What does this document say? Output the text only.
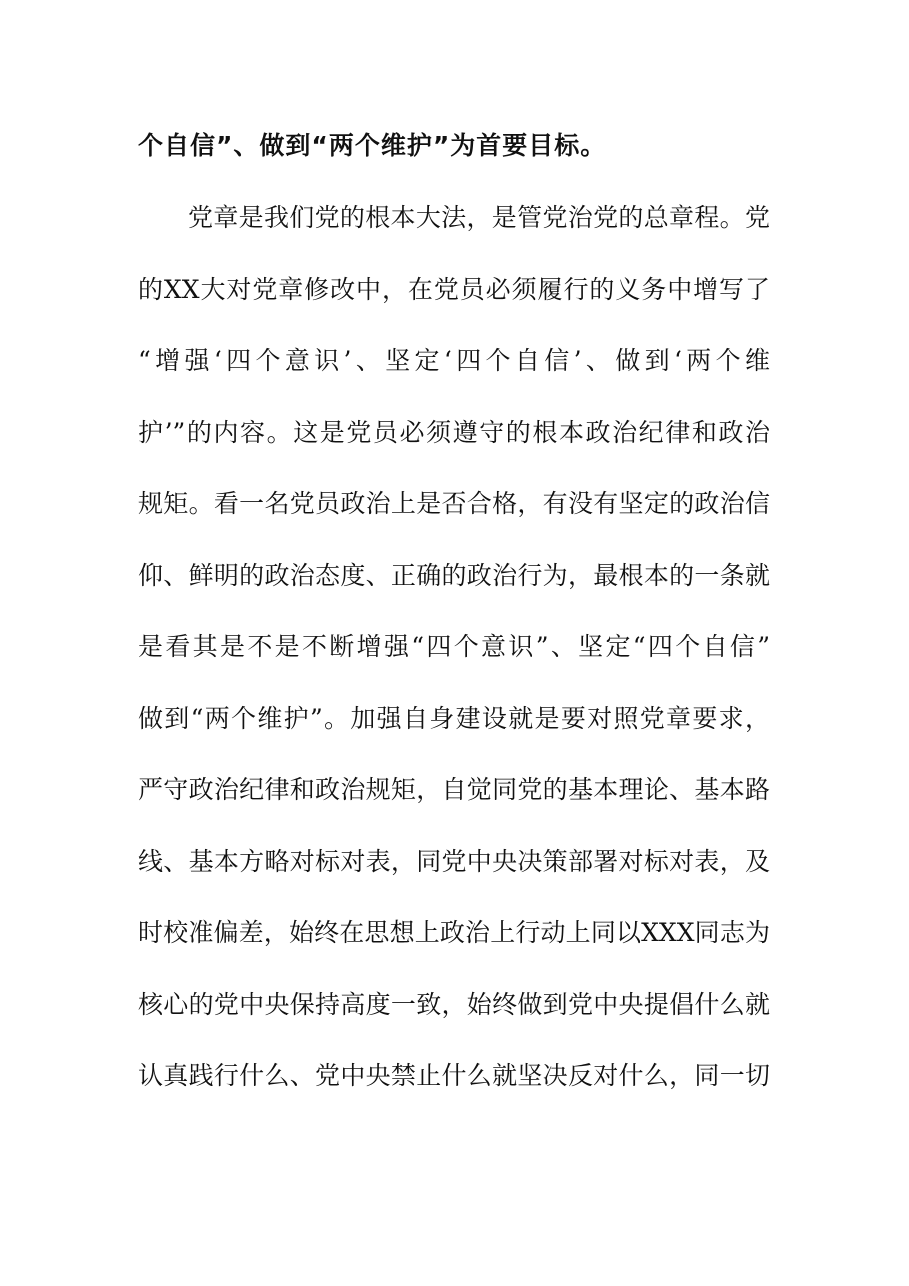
个自信”、做到“两个维护”为首要目标。
党章是我们党的根本大法，是管党治党的总章程。党
的XX大对党章修改中，在党员必须履行的义务中增写了
“增强‘四个意识’、坚定‘四个自信’、做到‘两个维
护’”的内容。这是党员必须遵守的根本政治纪律和政治
规矩。看一名党员政治上是否合格，有没有坚定的政治信
仰、鲜明的政治态度、正确的政治行为，最根本的一条就
是看其是不是不断增强“四个意识”、坚定“四个自信”
做到“两个维护”。加强自身建设就是要对照党章要求，
严守政治纪律和政治规矩，自觉同党的基本理论、基本路
线、基本方略对标对表，同党中央决策部署对标对表，及
时校准偏差，始终在思想上政治上行动上同以XXX同志为
核心的党中央保持高度一致，始终做到党中央提倡什么就
认真践行什么、党中央禁止什么就坚决反对什么，同一切
